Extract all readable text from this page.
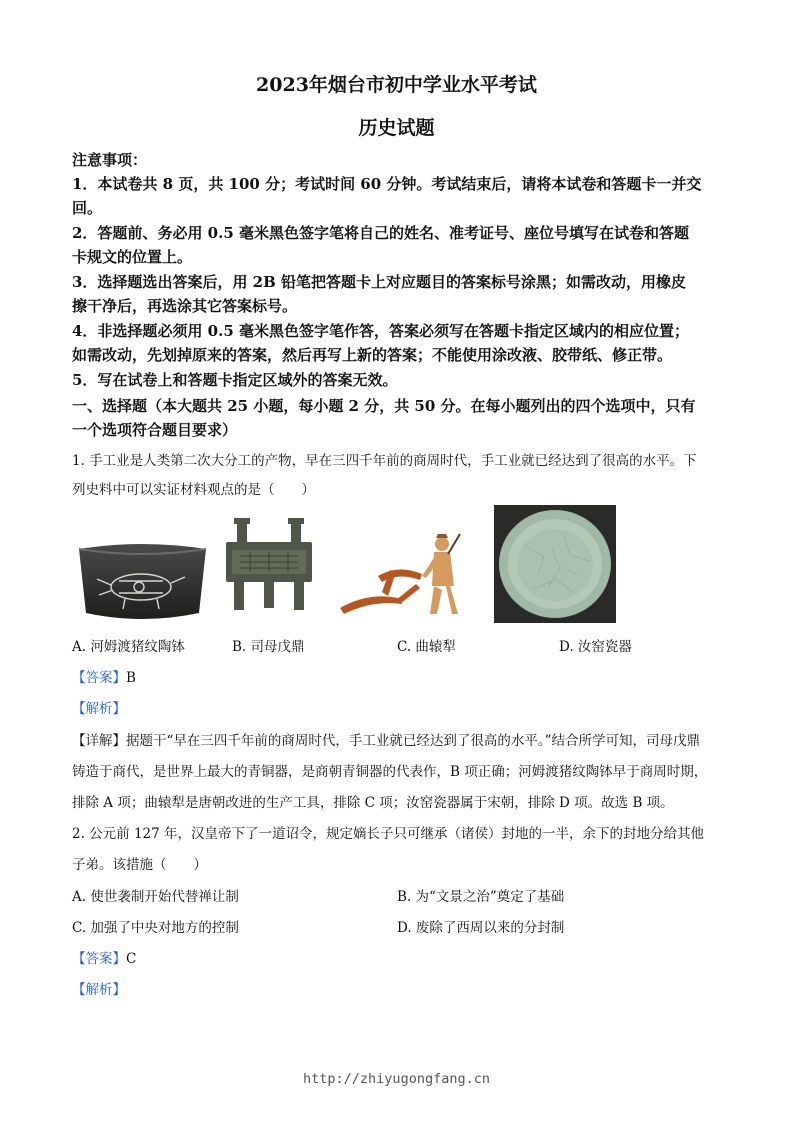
2023年烟台市初中学业水平考试
历史试题
注意事项：
1．本试卷共 8 页，共 100 分；考试时间 60 分钟。考试结束后，请将本试卷和答题卡一并交
回。
2．答题前、务必用 0.5 毫米黑色签字笔将自己的姓名、准考证号、座位号填写在试卷和答题
卡规文的位置上。
3．选择题选出答案后，用 2B 铅笔把答题卡上对应题目的答案标号涂黑；如需改动，用橡皮
擦干净后，再选涂其它答案标号。
4．非选择题必须用 0.5 毫米黑色签字笔作答，答案必须写在答题卡指定区域内的相应位置；
如需改动，先划掉原来的答案，然后再写上新的答案；不能使用涂改液、胶带纸、修正带。
5．写在试卷上和答题卡指定区域外的答案无效。
一、选择题（本大题共 25 小题，每小题 2 分，共 50 分。在每小题列出的四个选项中，只有
一个选项符合题目要求）
1. 手工业是人类第二次大分工的产物，早在三四千年前的商周时代，手工业就已经达到了很高的水平。下
列史料中可以实证材料观点的是（　　）
A. 河姆渡猪纹陶钵	B. 司母戊鼎	C. 曲辕犁	D. 汝窑瓷器
【答案】B
【解析】
【详解】据题干“早在三四千年前的商周时代，手工业就已经达到了很高的水平。”结合所学可知，司母戊鼎
铸造于商代，是世界上最大的青铜器，是商朝青铜器的代表作，B 项正确；河姆渡猪纹陶钵早于商周时期，
排除 A 项；曲辕犁是唐朝改进的生产工具，排除 C 项；汝窑瓷器属于宋朝，排除 D 项。故选 B 项。
2. 公元前 127 年，汉皇帝下了一道诏令，规定嫡长子只可继承（诸侯）封地的一半，余下的封地分给其他
子弟。该措施（　　）
A. 使世袭制开始代替禅让制	B. 为“文景之治”奠定了基础
C. 加强了中央对地方的控制	D. 废除了西周以来的分封制
【答案】C
【解析】
http://zhiyugongfang.cn
